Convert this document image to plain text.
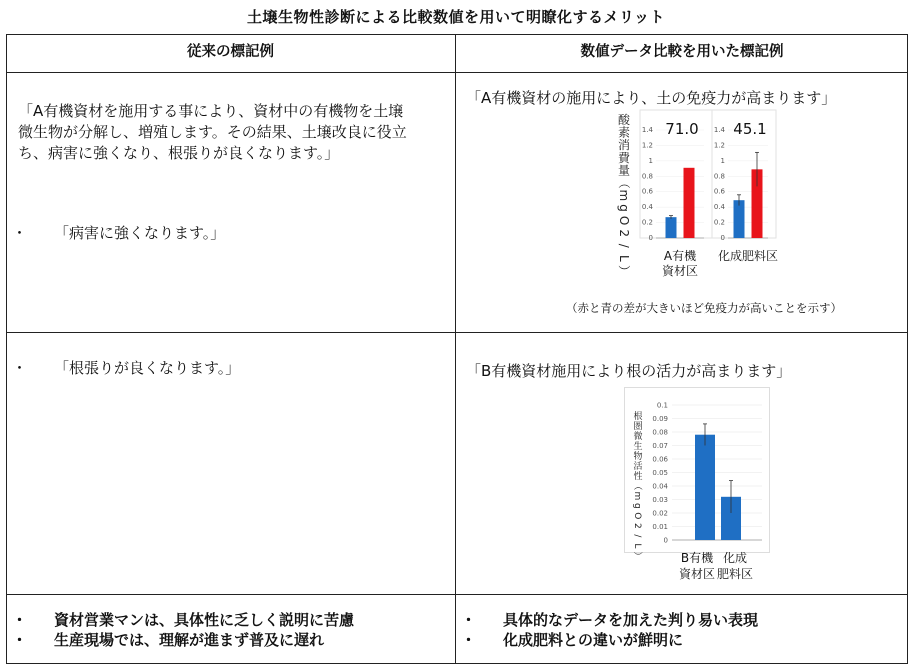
土壌生物性診断による比較数値を用いて明瞭化するメリット
従来の標記例	数値データ比較を用いた標記例
「A有機資材を施用する事により、資材中の有機物を土壌
微生物が分解し、増殖します。その結果、土壌改良に役立
ち、病害に強くなり、根張りが良くなります。」
・ 「病害に強くなります。」
・ 「根張りが良くなります。」
「A有機資材の施用により、土の免疫力が高まります」
「B有機資材施用により根の活力が高まります」
（赤と青の差が大きいほど免疫力が高いことを示す）
酸
素
消
費
量
（
m
g
O
2
/
L
）
0
0.2
0.4
0.6
0.8
1
1.2
1.4 71.0
A有機
資材区
0
0.2
0.4
0.6
0.8
1
1.2
1.4 45.1
化成肥料区
根
圏
微
生
物
活
性
（
m
g
O
2
/
L
）
0
0.01
0.02
0.03
0.04
0.05
0.06
0.07
0.08
0.09
0.1
B有機
資材区
化成
肥料区
・ 資材営業マンは、具体性に乏しく説明に苦慮
・ 生産現場では、理解が進まず普及に遅れ
・ 具体的なデータを加えた判り易い表現
・ 化成肥料との違いが鮮明に
